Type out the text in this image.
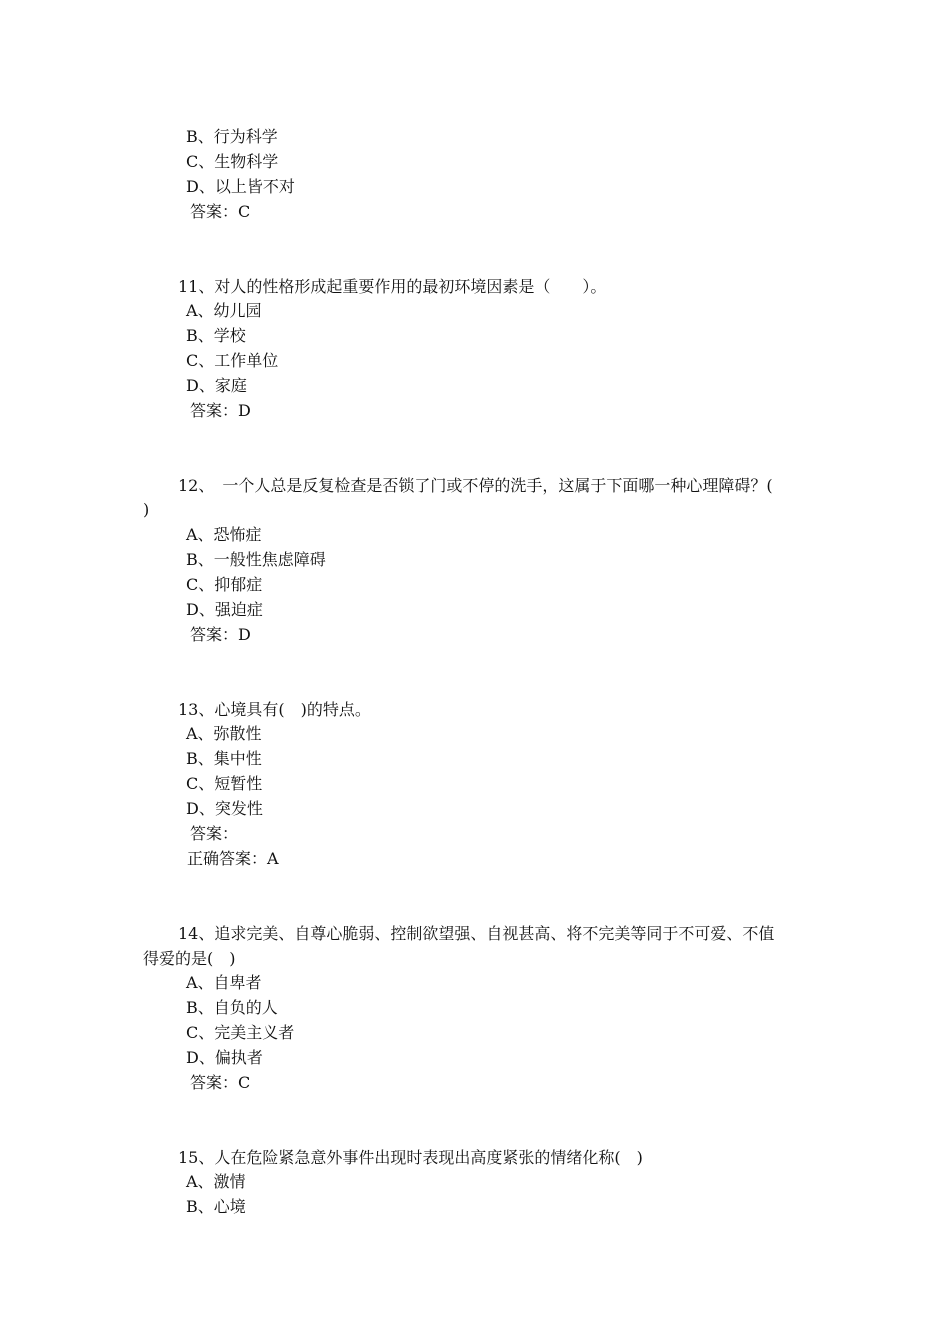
B、行为科学
C、生物科学
D、以上皆不对
答案：C
11、对人的性格形成起重要作用的最初环境因素是（　　）。
A、幼儿园
B、学校
C、工作单位
D、家庭
答案：D
12、　一个人总是反复检查是否锁了门或不停的洗手，这属于下面哪一种心理障碍？(
)
A、恐怖症
B、一般性焦虑障碍
C、抑郁症
D、强迫症
答案：D
13、心境具有(　)的特点。
A、弥散性
B、集中性
C、短暂性
D、突发性
答案：
正确答案：A
14、追求完美、自尊心脆弱、控制欲望强、自视甚高、将不完美等同于不可爱、不值
得爱的是(　)
A、自卑者
B、自负的人
C、完美主义者
D、偏执者
答案：C
15、人在危险紧急意外事件出现时表现出高度紧张的情绪化称(　)
A、激情
B、心境
